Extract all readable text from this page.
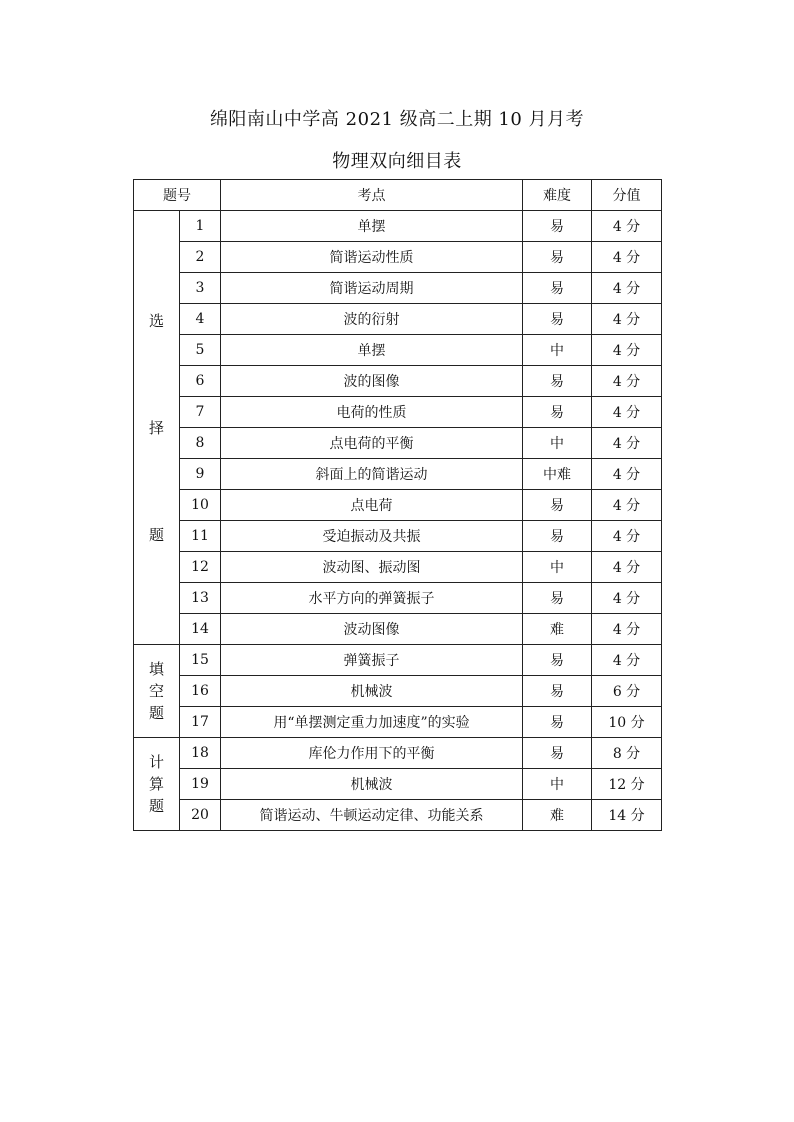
绵阳南山中学高 2021 级高二上期 10 月月考
物理双向细目表
题号		考点	难度	分值

选
择
题	1	单摆	易	4 分
	2	简谐运动性质	易	4 分
	3	简谐运动周期	易	4 分
	4	波的衍射	易	4 分
	5	单摆	中	4 分
	6	波的图像	易	4 分
	7	电荷的性质	易	4 分
	8	点电荷的平衡	中	4 分
	9	斜面上的简谐运动	中难	4 分
	10	点电荷	易	4 分
	11	受迫振动及共振	易	4 分
	12	波动图、振动图	中	4 分
	13	水平方向的弹簧振子	易	4 分
	14	波动图像	难	4 分

填
空
题	15	弹簧振子	易	4 分
	16	机械波	易	6 分
	17	用“单摆测定重力加速度”的实验	易	10 分

计
算
题	18	库伦力作用下的平衡	易	8 分
	19	机械波	中	12 分
	20	简谐运动、牛顿运动定律、功能关系	难	14 分
